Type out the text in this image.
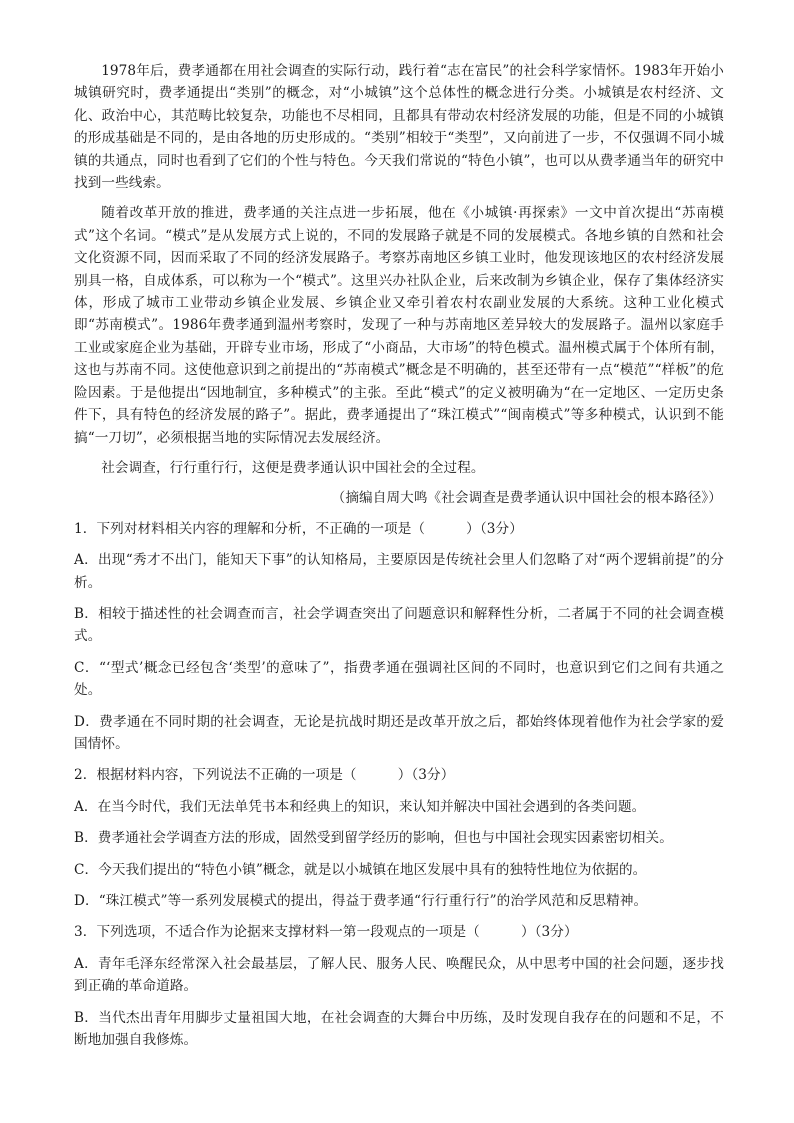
1978年后，费孝通都在用社会调查的实际行动，践行着“志在富民”的社会科学家情怀。1983年开始小城镇研究时，费孝通提出“类别”的概念，对“小城镇”这个总体性的概念进行分类。小城镇是农村经济、文化、政治中心，其范畴比较复杂，功能也不尽相同，且都具有带动农村经济发展的功能，但是不同的小城镇的形成基础是不同的，是由各地的历史形成的。“类别”相较于“类型”，又向前进了一步，不仅强调不同小城镇的共通点，同时也看到了它们的个性与特色。今天我们常说的“特色小镇”，也可以从费孝通当年的研究中找到一些线索。

随着改革开放的推进，费孝通的关注点进一步拓展，他在《小城镇·再探索》一文中首次提出“苏南模式”这个名词。“模式”是从发展方式上说的，不同的发展路子就是不同的发展模式。各地乡镇的自然和社会文化资源不同，因而采取了不同的经济发展路子。考察苏南地区乡镇工业时，他发现该地区的农村经济发展别具一格，自成体系，可以称为一个“模式”。这里兴办社队企业，后来改制为乡镇企业，保存了集体经济实体，形成了城市工业带动乡镇企业发展、乡镇企业又牵引着农村农副业发展的大系统。这种工业化模式即“苏南模式”。1986年费孝通到温州考察时，发现了一种与苏南地区差异较大的发展路子。温州以家庭手工业或家庭企业为基础，开辟专业市场，形成了“小商品，大市场”的特色模式。温州模式属于个体所有制，这也与苏南不同。这使他意识到之前提出的“苏南模式”概念是不明确的，甚至还带有一点“模范”“样板”的危险因素。于是他提出“因地制宜，多种模式”的主张。至此“模式”的定义被明确为“在一定地区、一定历史条件下，具有特色的经济发展的路子”。据此，费孝通提出了“珠江模式”“闽南模式”等多种模式，认识到不能搞“一刀切”，必须根据当地的实际情况去发展经济。

社会调查，行行重行行，这便是费孝通认识中国社会的全过程。

（摘编自周大鸣《社会调查是费孝通认识中国社会的根本路径》）

1．下列对材料相关内容的理解和分析，不正确的一项是（　　　）（3分）

A．出现“秀才不出门，能知天下事”的认知格局，主要原因是传统社会里人们忽略了对“两个逻辑前提”的分析。

B．相较于描述性的社会调查而言，社会学调查突出了问题意识和解释性分析，二者属于不同的社会调查模式。

C．“‘型式’概念已经包含‘类型’的意味了”，指费孝通在强调社区间的不同时，也意识到它们之间有共通之处。

D．费孝通在不同时期的社会调查，无论是抗战时期还是改革开放之后，都始终体现着他作为社会学家的爱国情怀。

2．根据材料内容，下列说法不正确的一项是（　　　）（3分）

A．在当今时代，我们无法单凭书本和经典上的知识，来认知并解决中国社会遇到的各类问题。

B．费孝通社会学调查方法的形成，固然受到留学经历的影响，但也与中国社会现实因素密切相关。

C．今天我们提出的“特色小镇”概念，就是以小城镇在地区发展中具有的独特性地位为依据的。

D．“珠江模式”等一系列发展模式的提出，得益于费孝通“行行重行行”的治学风范和反思精神。

3．下列选项，不适合作为论据来支撑材料一第一段观点的一项是（　　　）（3分）

A．青年毛泽东经常深入社会最基层，了解人民、服务人民、唤醒民众，从中思考中国的社会问题，逐步找到正确的革命道路。

B．当代杰出青年用脚步丈量祖国大地，在社会调查的大舞台中历练，及时发现自我存在的问题和不足，不断地加强自我修炼。
